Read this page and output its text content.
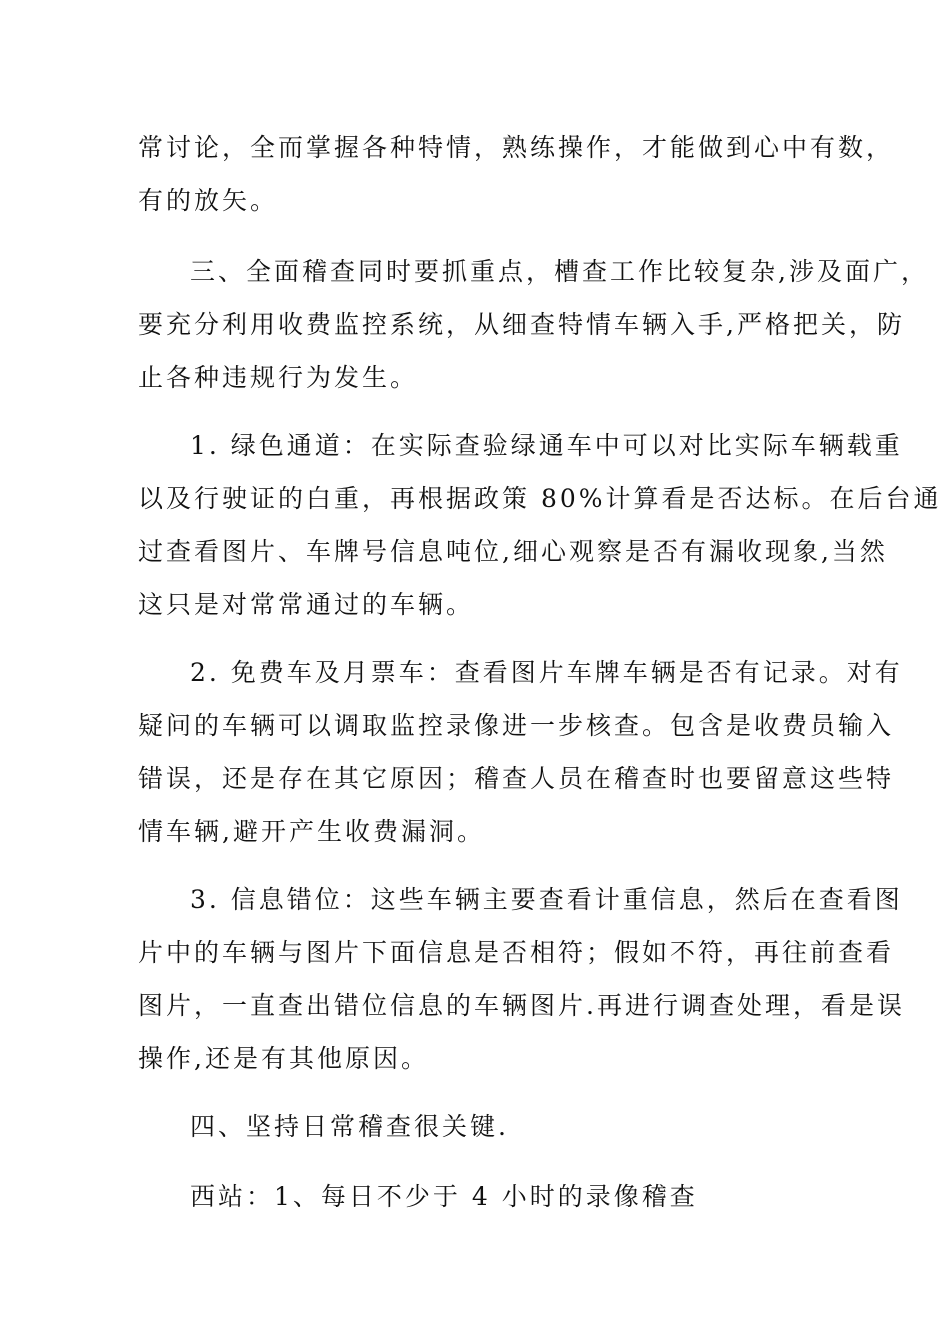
常讨论，全而掌握各种特情，熟练操作，才能做到心中有数，

有的放矢。

三、全面稽查同时要抓重点，槽查工作比较复杂,涉及面广，

要充分利用收费监控系统，从细查特情车辆入手,严格把关，防

止各种违规行为发生。

1. 绿色通道：在实际查验绿通车中可以对比实际车辆载重

以及行驶证的白重，再根据政策 80%计算看是否达标。在后台通

过查看图片、车牌号信息吨位,细心观察是否有漏收现象,当然

这只是对常常通过的车辆。

2. 免费车及月票车：查看图片车牌车辆是否有记录。对有

疑问的车辆可以调取监控录像进一步核查。包含是收费员输入

错误，还是存在其它原因；稽查人员在稽查时也要留意这些特

情车辆,避开产生收费漏洞。

3. 信息错位：这些车辆主要查看计重信息，然后在查看图

片中的车辆与图片下面信息是否相符；假如不符，再往前查看

图片，一直查出错位信息的车辆图片.再进行调查处理，看是误

操作,还是有其他原因。

四、坚持日常稽查很关键.

西站：1、每日不少于 4 小时的录像稽查
